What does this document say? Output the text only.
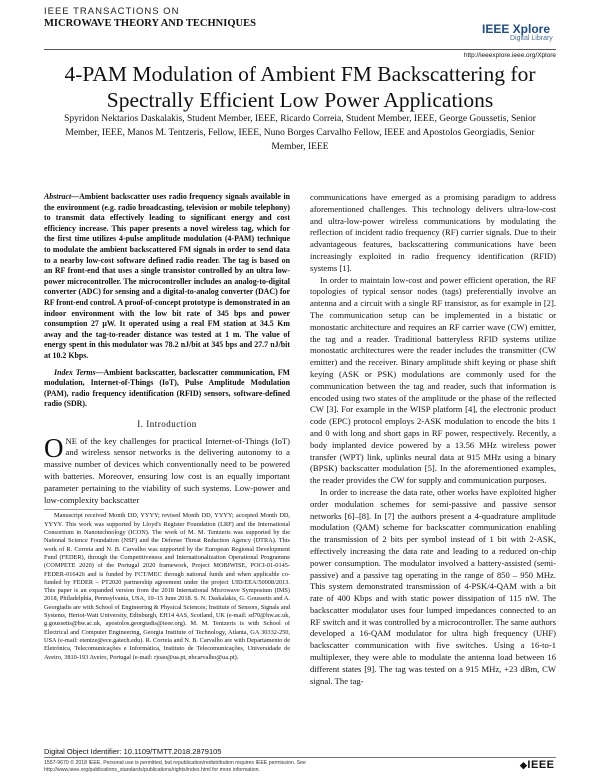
IEEE TRANSACTIONS ON
MICROWAVE THEORY AND TECHNIQUES	IEEE Xplore
Digital Library
http://ieeexplore.ieee.org/Xplore
4-PAM Modulation of Ambient FM Backscattering for Spectrally Efficient Low Power Applications
Spyridon Nektarios Daskalakis, Student Member, IEEE, Ricardo Correia, Student Member, IEEE, George Goussetis, Senior Member, IEEE, Manos M. Tentzeris, Fellow, IEEE, Nuno Borges Carvalho Fellow, IEEE and Apostolos Georgiadis, Senior Member, IEEE

Abstract—Ambient backscatter uses radio frequency signals available in the environment (e.g. radio broadcasting, television or mobile telephony) to transmit data effectively leading to significant energy and cost efficiency increase. This paper presents a novel wireless tag, which for the first time utilizes 4-pulse amplitude modulation (4-PAM) technique to modulate the ambient backscattered FM signals in order to send data to a nearby low-cost software defined radio reader. The tag is based on an RF front-end that uses a single transistor controlled by an ultra low-power microcontroller. The microcontroller includes an analog-to-digital converter (ADC) for sensing and a digital-to-analog converter (DAC) for RF front-end control. A proof-of-concept prototype is demonstrated in an indoor environment with the low bit rate of 345 bps and power consumption 27 μW. It operated using a real FM station at 34.5 Km away and the tag-to-reader distance was tested at 1 m. The value of energy spent in this modulator was 78.2 nJ/bit at 345 bps and 27.7 nJ/bit at 10.2 Kbps.

Index Terms—Ambient backscatter, backscatter communication, FM modulation, Internet-of-Things (IoT), Pulse Amplitude Modulation (PAM), radio frequency identification (RFID) sensors, software-defined radio (SDR).

I. Introduction

ONE of the key challenges for practical Internet-of-Things (IoT) and wireless sensor networks is the delivering autonomy to a massive number of devices which conventionally need to be powered with batteries. Moreover, ensuring low cost is an equally important parameter pertaining to the viability of such systems. Low-power and low-complexity backscatter

Manuscript received Month DD, YYYY; revised Month DD, YYYY; accepted Month DD, YYYY. This work was supported by Lloyd's Register Foundation (LRF) and the International Consortium in Nanotechnology (ICON). The work of M. M. Tentzeris was supported by the National Science Foundation (NSF) and the Defense Threat Reduction Agency (DTRA). This work of R. Correia and N. B. Carvalho was supported by the European Regional Development Fund (FEDER), through the Competitiveness and Internationalization Operational Programme (COMPETE 2020) of the Portugal 2020 framework, Project MOBIWISE, POCI-01-0145-FEDER-016426 and is funded by FCT/MEC through national funds and when applicable co-funded by FEDER – PT2020 partnership agreement under the project UID/EEA/50008/2013. This paper is an expanded version from the 2018 International Microwave Symposium (IMS) 2018, Philadelphia, Pennsylvania, USA, 10–15 June 2018. S. N. Daskalakis, G. Goussetis and A. Georgiadis are with School of Engineering & Physical Sciences; Institute of Sensors, Signals and Systems, Heriot-Watt University, Edinburgh, EH14 4AS, Scotland, UK (e-mail: sd70@hw.ac.uk, g.goussetis@hw.ac.uk, apostolos.georgiadis@ieee.org). M. M. Tentzeris is with School of Electrical and Computer Engineering, Georgia Institute of Technology, Atlanta, GA 30332-250, USA (e-mail: etentze@ece.gatech.edu). R. Correia and N. B. Carvalho are with Departamento de Eletrónica, Telecomunicações e Informática, Instituto de Telecomunicações, Universidade de Aveiro, 3810-193 Aveiro, Portugal (e-mail: rjoao@ua.pt, nbcarvalho@ua.pt).

Digital Object Identifier: 10.1109/TMTT.2018.2879105

communications have emerged as a promising paradigm to address aforementioned challenges. This technology delivers ultra-low-cost and ultra-low-power wireless communications by modulating the reflection of incident radio frequency (RF) carrier signals. Due to their advantageous features, backscattering communications have been increasingly exploited in radio frequency identification (RFID) systems [1].

In order to maintain low-cost and power efficient operation, the RF topologies of typical sensor nodes (tags) preferentially involve an antenna and a circuit with a single RF transistor, as for example in [2]. The communication setup can be implemented in a bistatic or monostatic architecture and requires an RF carrier wave (CW) emitter, the tag and a reader. Traditional batteryless RFID systems utilize monostatic architectures were the reader includes the transmitter (CW emitter) and the receiver. Binary amplitude shift keying or phase shift keying (ASK or PSK) modulations are commonly used for the communication between the tag and reader, such that information is encoded using two states of the amplitude or the phase of the reflected CW [3]. For example in the WISP platform [4], the electronic product code (EPC) protocol employs 2-ASK modulation to encode the bits 1 and 0 with long and short gaps in RF power, respectively. Recently, a body implanted device powered by a 13.56 MHz wireless power transfer (WPT) link, uplinks neural data at 915 MHz using a binary (BPSK) backscatter modulation [5]. In the aforementioned examples, the reader provides the CW for supply and communication purposes.

In order to increase the data rate, other works have exploited higher order modulation schemes for semi-passive and passive sensor networks [6]–[8]. In [7] the authors present a 4-quadrature amplitude modulation (QAM) scheme for backscatter communication enabling the transmission of 2 bits per symbol instead of 1 bit with 2-ASK, effectively increasing the data rate and leading to a reduced on-chip power consumption. The modulator involved a battery-assisted (semi-passive) and a passive tag operating in the range of 850 – 950 MHz. This system demonstrated transmission of 4-PSK/4-QAM with a bit rate of 400 Kbps and with static power dissipation of 115 nW. The backscatter modulator uses four lumped impedances connected to an RF switch and it was controlled by a microcontroller. The same authors developed a 16-QAM modulator for ultra high frequency (UHF) backscatter communication with five switches. Using a 16-to-1 multiplexer, they were able to modulate the antenna load between 16 different states [9]. The tag was tested on a 915 MHz, +23 dBm, CW signal. The tag-

1557-9670 © 2018 IEEE. Personal use is permitted, but republication/redistribution requires IEEE permission. See http://www.ieee.org/publications_standards/publications/rights/index.html for more information.	◆IEEE
